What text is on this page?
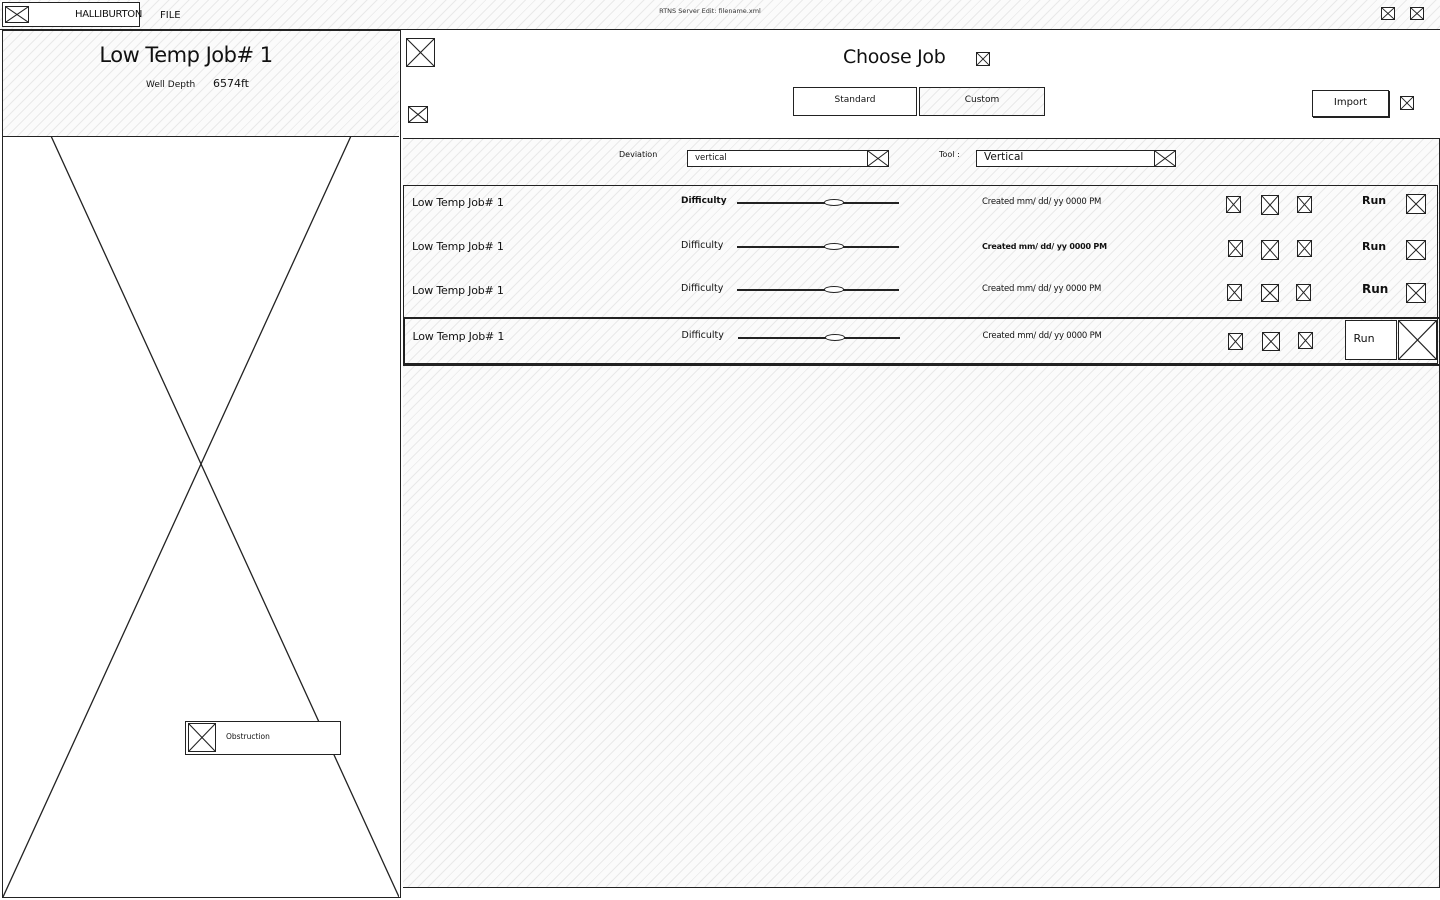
HALLIBURTON	FILE	RTNS Server Edit: filename.xml
Low Temp Job# 1
Well Depth 6574ft
Obstruction
Choose Job
Standard	Custom	Import
Deviation	vertical	Tool :	Vertical
Low Temp Job# 1	Difficulty	Created mm/ dd/ yy 0000 PM	Run
Low Temp Job# 1	Difficulty	Created mm/ dd/ yy 0000 PM	Run
Low Temp Job# 1	Difficulty	Created mm/ dd/ yy 0000 PM	Run
Low Temp Job# 1	Difficulty	Created mm/ dd/ yy 0000 PM	Run
